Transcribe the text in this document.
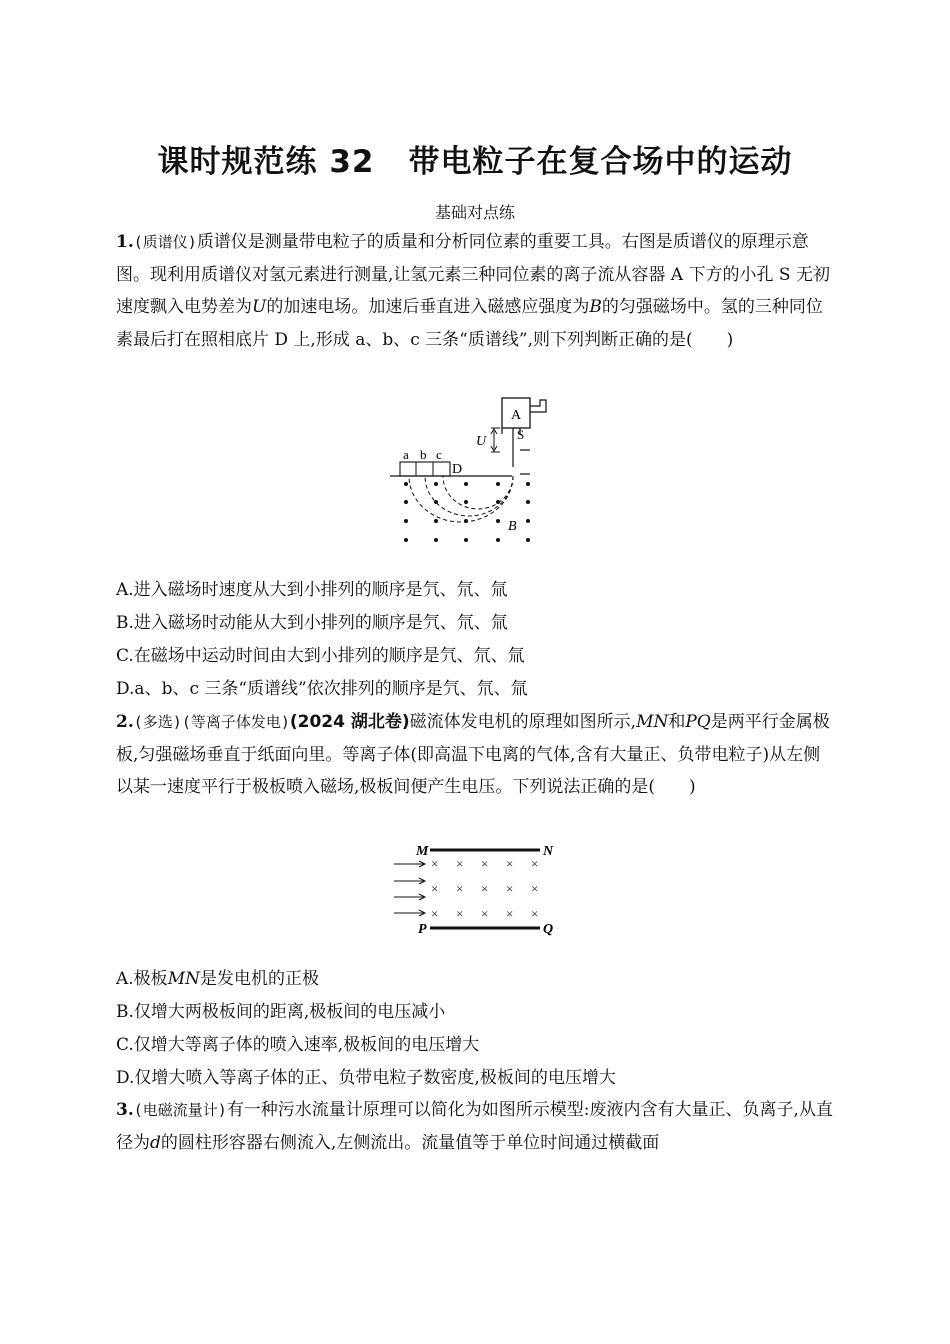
课时规范练 32 带电粒子在复合场中的运动
基础对点练
1.(质谱仪)质谱仪是测量带电粒子的质量和分析同位素的重要工具。右图是质谱仪的原理示意图。现利用质谱仪对氢元素进行测量,让氢元素三种同位素的离子流从容器 A 下方的小孔 S 无初速度飘入电势差为U的加速电场。加速后垂直进入磁感应强度为B的匀强磁场中。氢的三种同位素最后打在照相底片 D 上,形成 a、b、c 三条“质谱线”,则下列判断正确的是(　　)
A
S
U
a b c
D
B
A.进入磁场时速度从大到小排列的顺序是氕、氘、氚
B.进入磁场时动能从大到小排列的顺序是氕、氘、氚
C.在磁场中运动时间由大到小排列的顺序是氕、氘、氚
D.a、b、c 三条“质谱线”依次排列的顺序是氕、氘、氚
2.(多选)(等离子体发电)(2024 湖北卷)磁流体发电机的原理如图所示,MN和PQ是两平行金属极板,匀强磁场垂直于纸面向里。等离子体(即高温下电离的气体,含有大量正、负带电粒子)从左侧以某一速度平行于极板喷入磁场,极板间便产生电压。下列说法正确的是(　　)
M	N
P	Q
× × × × ×
× × × × ×
× × × × ×
A.极板MN是发电机的正极
B.仅增大两极板间的距离,极板间的电压减小
C.仅增大等离子体的喷入速率,极板间的电压增大
D.仅增大喷入等离子体的正、负带电粒子数密度,极板间的电压增大
3.(电磁流量计)有一种污水流量计原理可以简化为如图所示模型:废液内含有大量正、负离子,从直径为d的圆柱形容器右侧流入,左侧流出。流量值等于单位时间通过横截面
